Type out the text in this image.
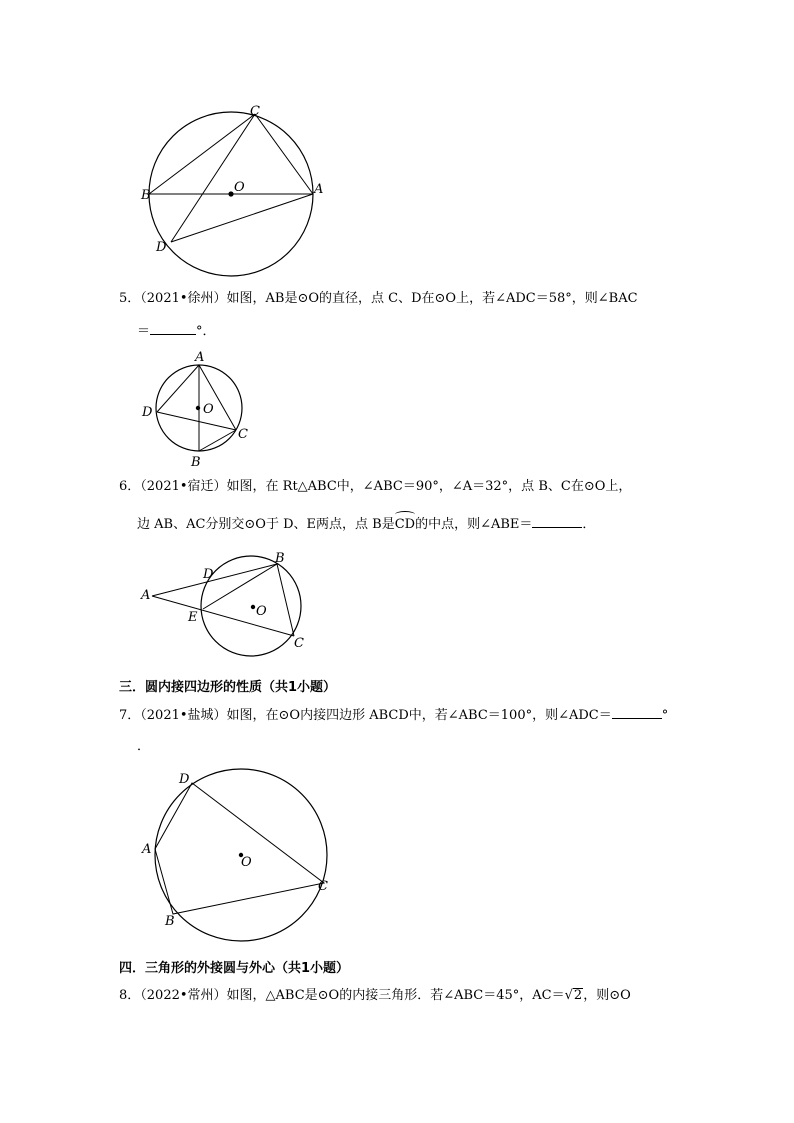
C
B
O	A
D
5．（2021•徐州）如图，AB是⊙O的直径，点 C、D在⊙O上，若∠ADC＝58°，则∠BAC
＝	°．
A
D	O
C
B
6．（2021•宿迁）如图，在 Rt△ABC中，∠ABC＝90°，∠A＝32°，点 B、C在⊙O上，
边 AB、AC分别交⊙O于 D、E两点，点 B是CD的中点，则∠ABE＝	．
A
D
B
E	O
C
三．圆内接四边形的性质（共1小题）
7．（2021•盐城）如图，在⊙O内接四边形 ABCD中，若∠ABC＝100°，则∠ADC＝	°
．
D
A
O
C
B
四．三角形的外接圆与外心（共1小题）
8．（2022•常州）如图，△ABC是⊙O的内接三角形．若∠ABC＝45°，AC＝√2，则⊙O
